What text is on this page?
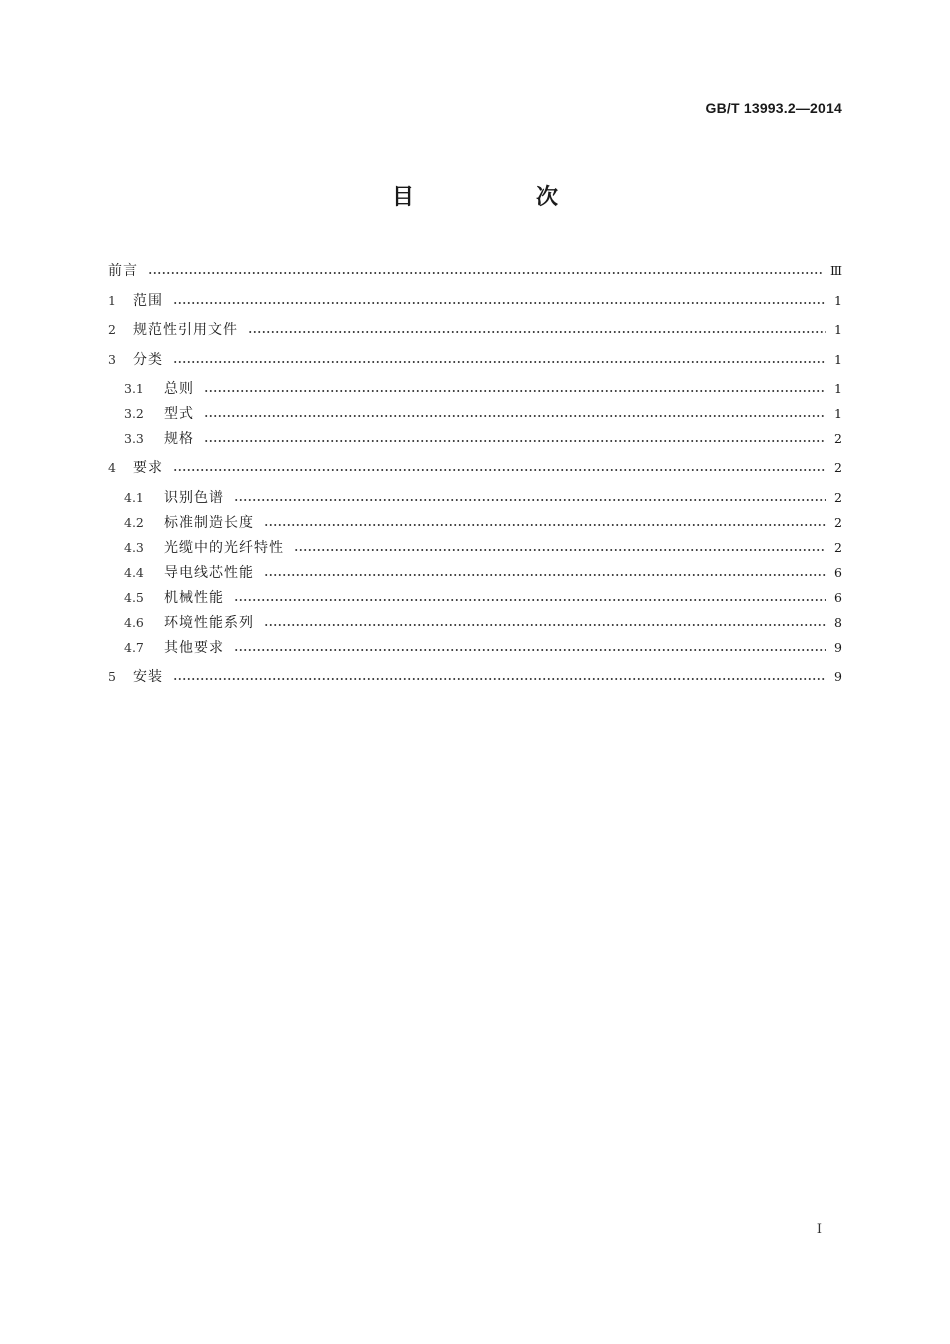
GB/T 13993.2—2014
目　次
前言	Ⅲ
1	范围	1
2	规范性引用文件	1
3	分类	1
3.1	总则	1
3.2	型式	1
3.3	规格	2
4	要求	2
4.1	识别色谱	2
4.2	标准制造长度	2
4.3	光缆中的光纤特性	2
4.4	导电线芯性能	6
4.5	机械性能	6
4.6	环境性能系列	8
4.7	其他要求	9
5	安装	9
I
